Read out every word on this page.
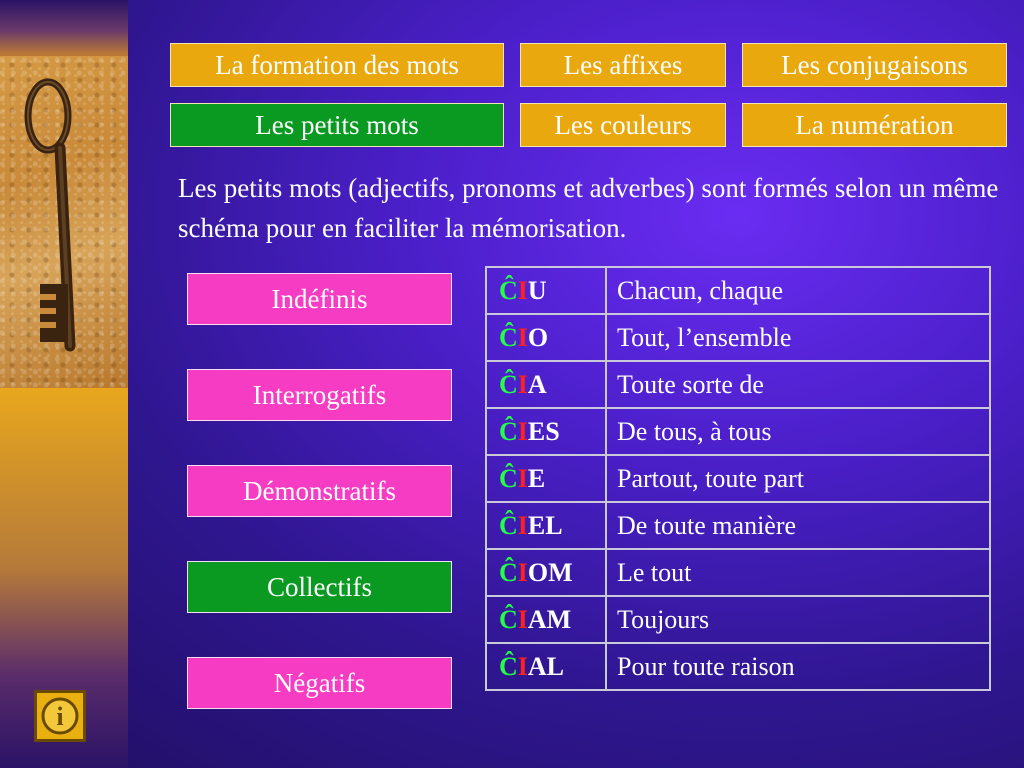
La formation des mots	Les affixes	Les conjugaisons
Les petits mots	Les couleurs	La numération
Les petits mots (adjectifs, pronoms et adverbes) sont formés selon un même schéma pour en faciliter la mémorisation.
Indéfinis
Interrogatifs
Démonstratifs
Collectifs
Négatifs
ĈIU	Chacun, chaque
ĈIO	Tout, l’ensemble
ĈIA	Toute sorte de
ĈIES	De tous, à tous
ĈIE	Partout, toute part
ĈIEL	De toute manière
ĈIOM	Le tout
ĈIAM	Toujours
ĈIAL	Pour toute raison
i
